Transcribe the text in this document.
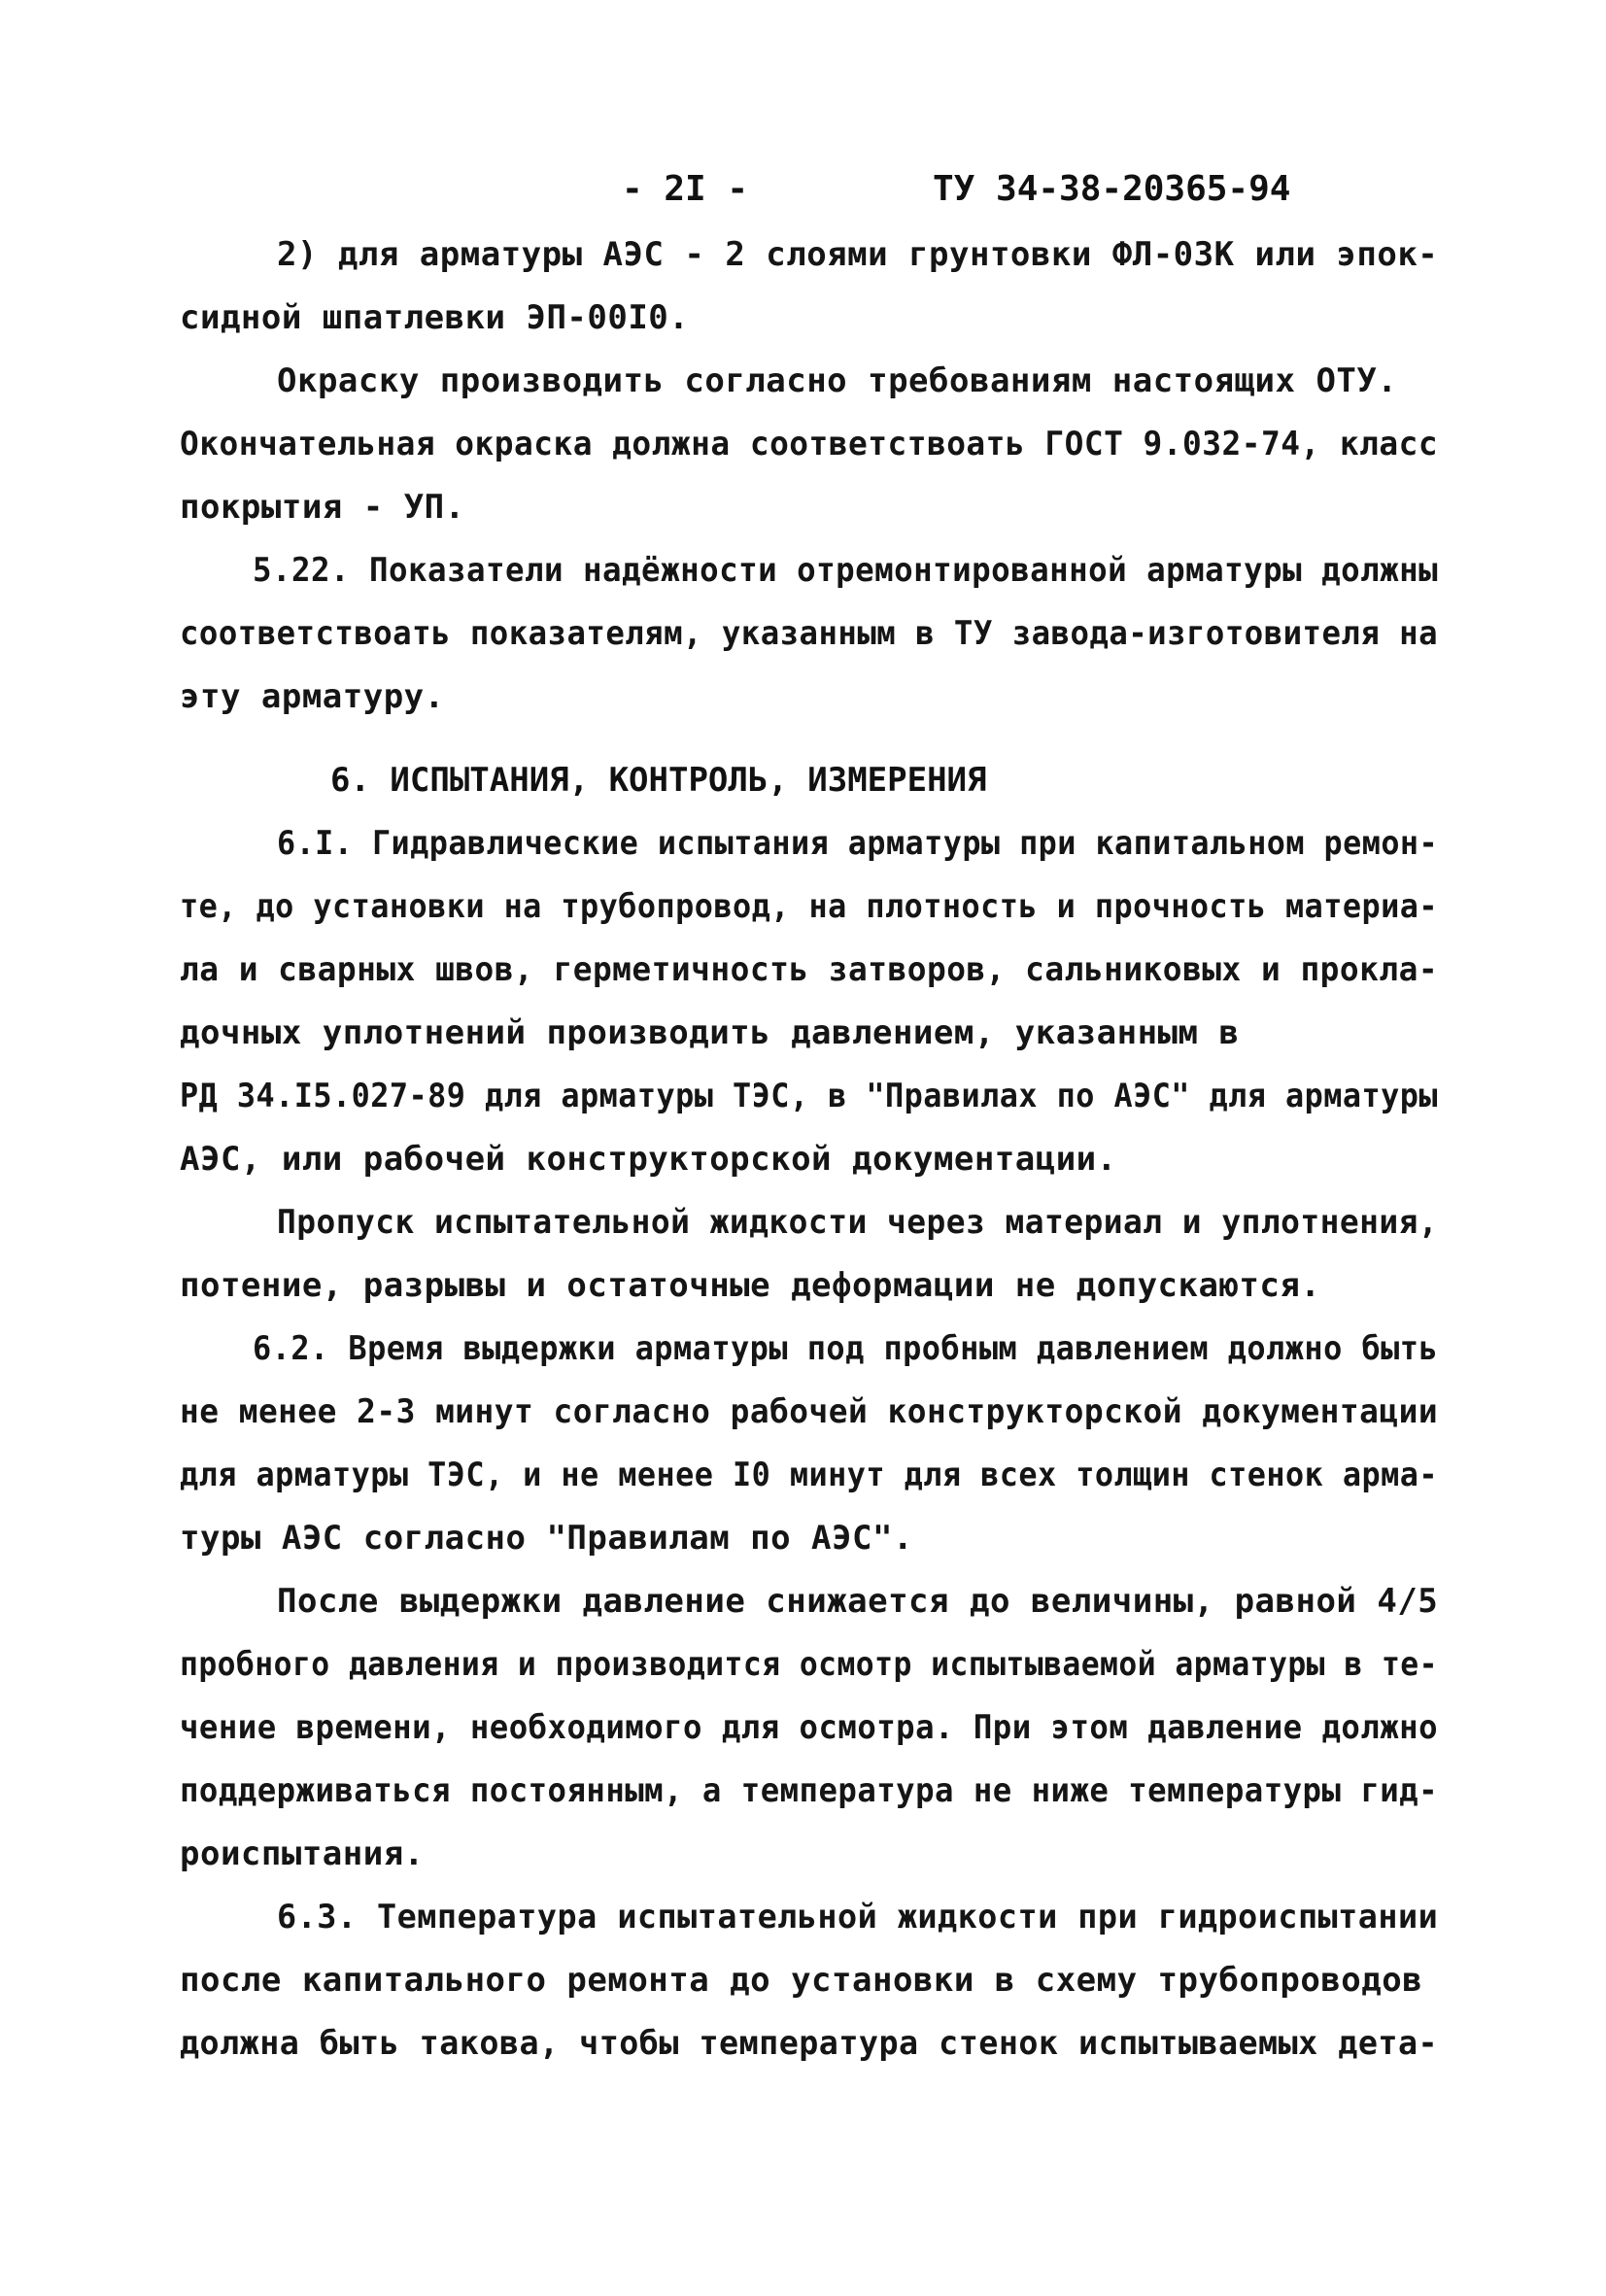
- 2I -	ТУ 34-38-20365-94
2) для арматуры АЭС - 2 слоями грунтовки ФЛ-03К или эпок-
сидной шпатлевки ЭП-00I0.
Окраску производить согласно требованиям настоящих ОТУ.
Окончательная окраска должна соответствоать ГОСТ 9.032-74, класс
покрытия - УП.
5.22. Показатели надёжности отремонтированной арматуры должны
соответствоать показателям, указанным в ТУ завода-изготовителя на
эту арматуру.
6. ИСПЫТАНИЯ, КОНТРОЛЬ, ИЗМЕРЕНИЯ
6.I. Гидравлические испытания арматуры при капитальном ремон-
те, до установки на трубопровод, на плотность и прочность материа-
ла и сварных швов, герметичность затворов, сальниковых и прокла-
дочных уплотнений производить давлением, указанным в
РД 34.I5.027-89 для арматуры ТЭС, в "Правилах по АЭС" для арматуры
АЭС, или рабочей конструкторской документации.
Пропуск испытательной жидкости через материал и уплотнения,
потение, разрывы и остаточные деформации не допускаются.
6.2. Время выдержки арматуры под пробным давлением должно быть
не менее 2-3 минут согласно рабочей конструкторской документации
для арматуры ТЭС, и не менее I0 минут для всех толщин стенок арма-
туры АЭС согласно "Правилам по АЭС".
После выдержки давление снижается до величины, равной 4/5
пробного давления и производится осмотр испытываемой арматуры в те-
чение времени, необходимого для осмотра. При этом давление должно
поддерживаться постоянным, а температура не ниже температуры гид-
роиспытания.
6.3. Температура испытательной жидкости при гидроиспытании
после капитального ремонта до установки в схему трубопроводов
должна быть такова, чтобы температура стенок испытываемых дета-
